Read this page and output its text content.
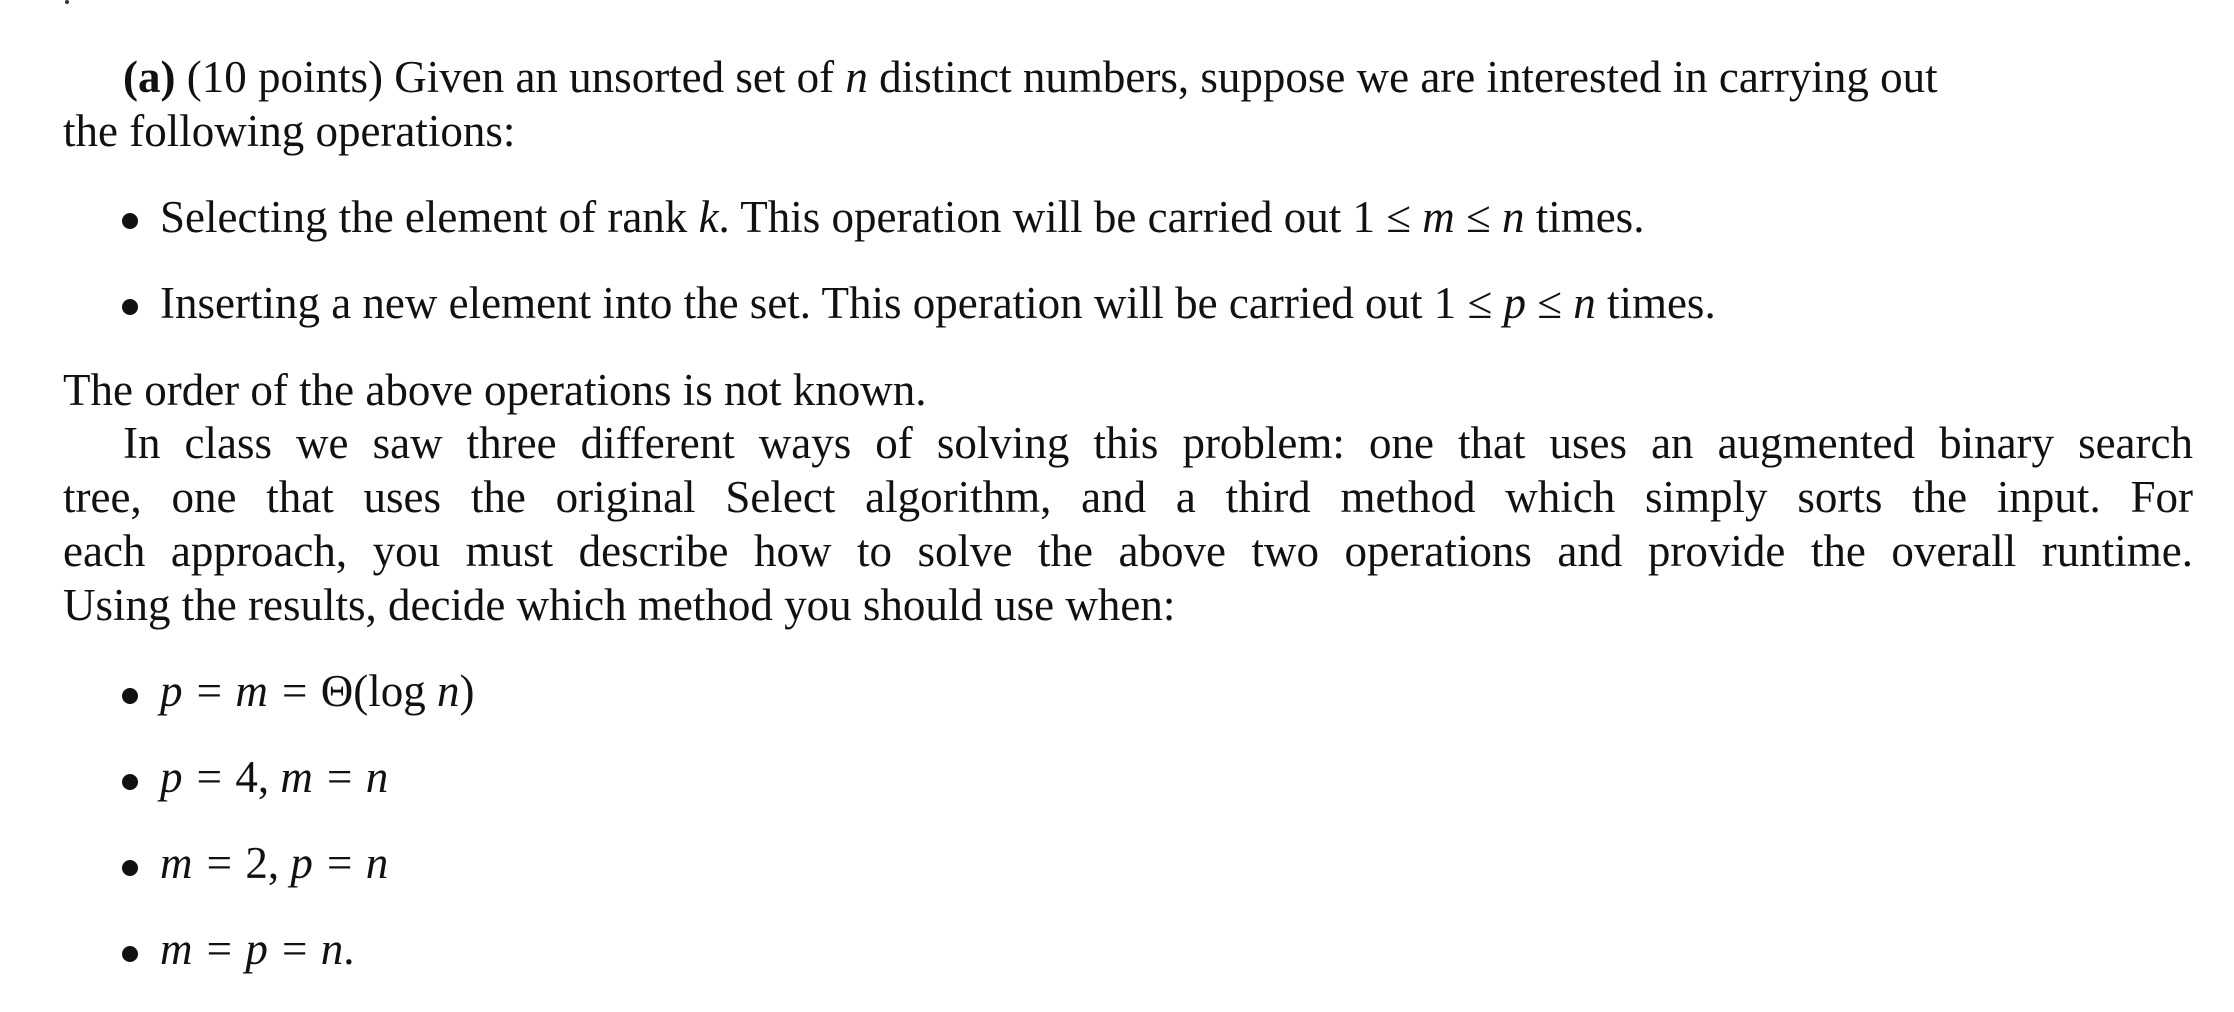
(a) (10 points) Given an unsorted set of n distinct numbers, suppose we are interested in carrying out
the following operations:
Selecting the element of rank k. This operation will be carried out 1 ≤ m ≤ n times.
Inserting a new element into the set. This operation will be carried out 1 ≤ p ≤ n times.
The order of the above operations is not known.
In class we saw three different ways of solving this problem: one that uses an augmented binary search
tree, one that uses the original Select algorithm, and a third method which simply sorts the input. For
each approach, you must describe how to solve the above two operations and provide the overall runtime.
Using the results, decide which method you should use when:
p = m = Θ(log n)
p = 4, m = n
m = 2, p = n
m = p = n.
